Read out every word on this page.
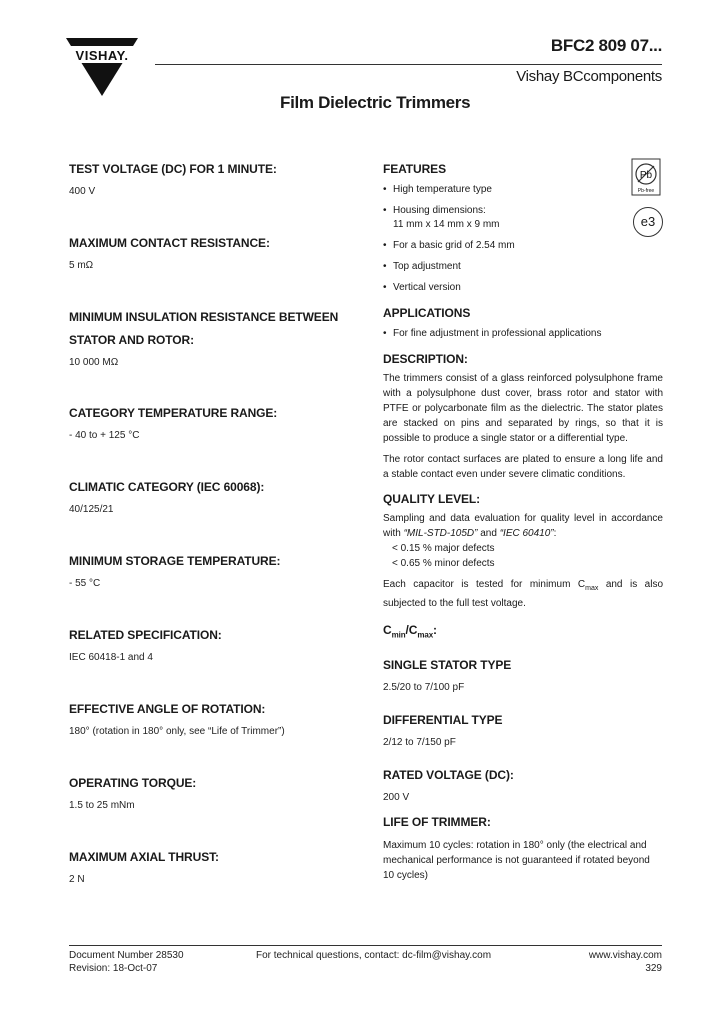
VISHAY.
BFC2 809 07...
Vishay BCcomponents
Film Dielectric Trimmers
Pb
Pb-free
e3

TEST VOLTAGE (DC) FOR 1 MINUTE:

400 V

MAXIMUM CONTACT RESISTANCE:

5 mΩ

MINIMUM INSULATION RESISTANCE BETWEEN

STATOR AND ROTOR:

10 000 MΩ

CATEGORY TEMPERATURE RANGE:

- 40 to + 125 °C

CLIMATIC CATEGORY (IEC 60068):

40/125/21

MINIMUM STORAGE TEMPERATURE:

- 55 °C

RELATED SPECIFICATION:

IEC 60418-1 and 4

EFFECTIVE ANGLE OF ROTATION:

180° (rotation in 180° only, see “Life of Trimmer”)

OPERATING TORQUE:

1.5 to 25 mNm

MAXIMUM AXIAL THRUST:

2 N

FEATURES

• High temperature type
• Housing dimensions:
11 mm x 14 mm x 9 mm
• For a basic grid of 2.54 mm
• Top adjustment
• Vertical version

APPLICATIONS

• For fine adjustment in professional applications

DESCRIPTION:

The trimmers consist of a glass reinforced polysulphone frame with a polysulphone dust cover, brass rotor and stator with PTFE or polycarbonate film as the dielectric. The stator plates are stacked on pins and separated by rings, so that it is possible to produce a single stator or a differential type.

The rotor contact surfaces are plated to ensure a long life and a stable contact even under severe climatic conditions.

QUALITY LEVEL:

Sampling and data evaluation for quality level in accordance with “MIL-STD-105D” and “IEC 60410”:

< 0.15 % major defects

< 0.65 % minor defects

Each capacitor is tested for minimum $C_{max}$ and is also subjected to the full test voltage.

$C_{min}/C_{max}$:

SINGLE STATOR TYPE

2.5/20 to 7/100 pF

DIFFERENTIAL TYPE

2/12 to 7/150 pF

RATED VOLTAGE (DC):

200 V

LIFE OF TRIMMER:

Maximum 10 cycles: rotation in 180° only (the electrical and mechanical performance is not guaranteed if rotated beyond 10 cycles)

Document Number 28530
Revision: 18-Oct-07
For technical questions, contact: dc-film@vishay.com	www.vishay.com
329
